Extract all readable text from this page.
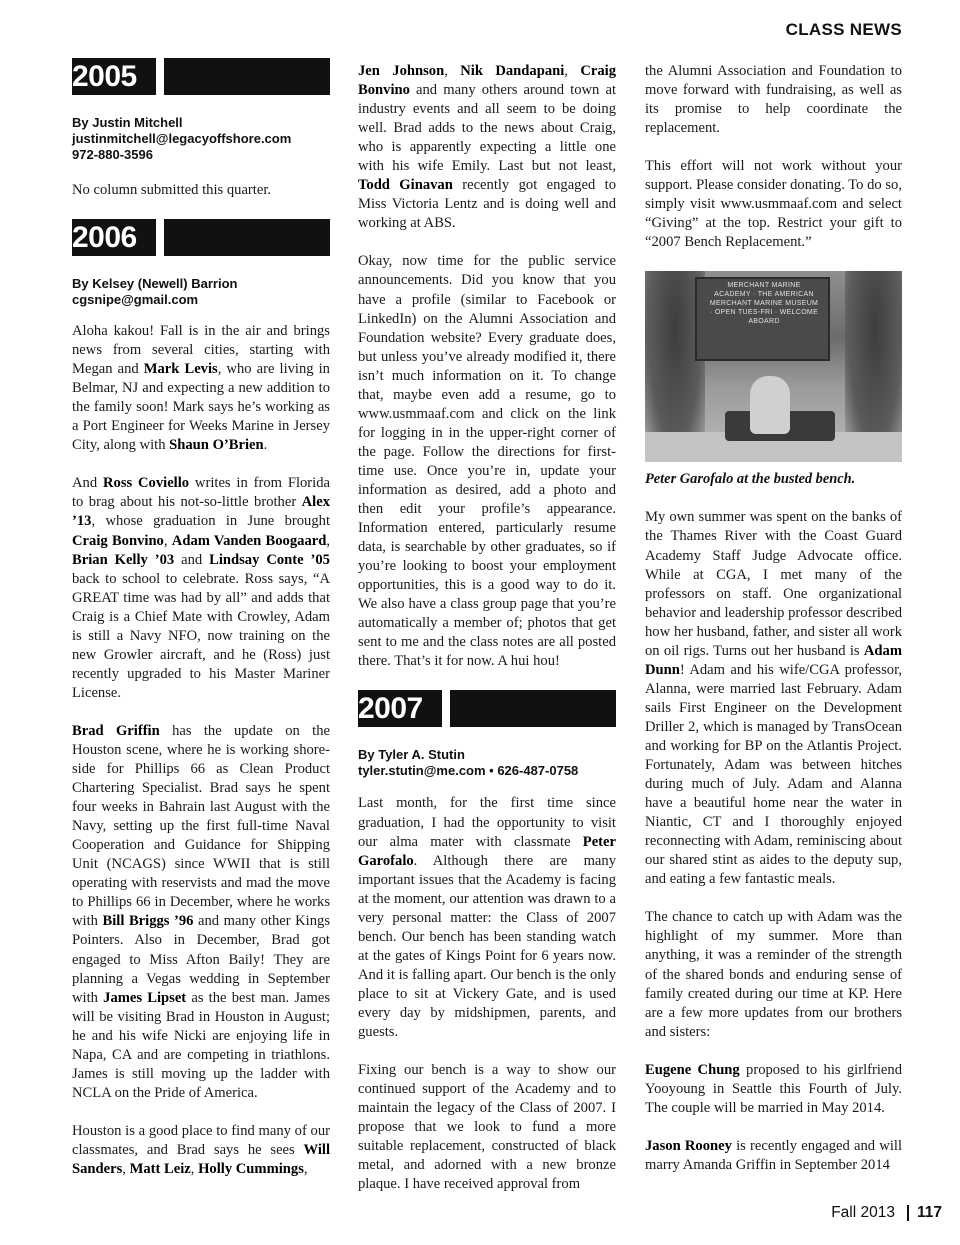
CLASS NEWS
2005
By Justin Mitchell
justinmitchell@legacyoffshore.com
972-880-3596

No column submitted this quarter.

2006
By Kelsey (Newell) Barrion
cgsnipe@gmail.com

Aloha kakou! Fall is in the air and brings news from several cities, starting with Megan and Mark Levis, who are living in Belmar, NJ and expecting a new addition to the family soon! Mark says he’s working as a Port Engineer for Weeks Marine in Jersey City, along with Shaun O’Brien.

And Ross Coviello writes in from Florida to brag about his not-so-little brother Alex ’13, whose graduation in June brought Craig Bonvino, Adam Vanden Boogaard, Brian Kelly ’03 and Lindsay Conte ’05 back to school to celebrate. Ross says, “A GREAT time was had by all” and adds that Craig is a Chief Mate with Crowley, Adam is still a Navy NFO, now training on the new Growler aircraft, and he (Ross) just recently upgraded to his Master Mariner License.

Brad Griffin has the update on the Houston scene, where he is working shore-side for Phillips 66 as Clean Product Chartering Specialist. Brad says he spent four weeks in Bahrain last August with the Navy, setting up the first full-time Naval Cooperation and Guidance for Shipping Unit (NCAGS) since WWII that is still operating with reservists and mad the move to Phillips 66 in December, where he works with Bill Briggs ’96 and many other Kings Pointers. Also in December, Brad got engaged to Miss Afton Baily! They are planning a Vegas wedding in September with James Lipset as the best man. James will be visiting Brad in Houston in August; he and his wife Nicki are enjoying life in Napa, CA and are competing in triathlons. James is still moving up the ladder with NCLA on the Pride of America.

Houston is a good place to find many of our classmates, and Brad says he sees Will Sanders, Matt Leiz, Holly Cummings,

Jen Johnson, Nik Dandapani, Craig Bonvino and many others around town at industry events and all seem to be doing well. Brad adds to the news about Craig, who is apparently expecting a little one with his wife Emily. Last but not least, Todd Ginavan recently got engaged to Miss Victoria Lentz and is doing well and working at ABS.

Okay, now time for the public service announcements. Did you know that you have a profile (similar to Facebook or LinkedIn) on the Alumni Association and Foundation website? Every graduate does, but unless you’ve already modified it, there isn’t much information on it. To change that, maybe even add a resume, go to www.usmmaaf.com and click on the link for logging in in the upper-right corner of the page. Follow the directions for first-time use. Once you’re in, update your information as desired, add a photo and then edit your profile’s appearance. Information entered, particularly resume data, is searchable by other graduates, so if you’re looking to boost your employment opportunities, this is a good way to do it. We also have a class group page that you’re automatically a member of; photos that get sent to me and the class notes are all posted there. That’s it for now. A hui hou!

2007
By Tyler A. Stutin
tyler.stutin@me.com • 626-487-0758

Last month, for the first time since graduation, I had the opportunity to visit our alma mater with classmate Peter Garofalo. Although there are many important issues that the Academy is facing at the moment, our attention was drawn to a very personal matter: the Class of 2007 bench. Our bench has been standing watch at the gates of Kings Point for 6 years now. And it is falling apart. Our bench is the only place to sit at Vickery Gate, and is used every day by midshipmen, parents, and guests.

Fixing our bench is a way to show our continued support of the Academy and to maintain the legacy of the Class of 2007. I propose that we look to fund a more suitable replacement, constructed of black metal, and adorned with a new bronze plaque. I have received approval from

the Alumni Association and Foundation to move forward with fundraising, as well as its promise to help coordinate the replacement.

This effort will not work without your support. Please consider donating. To do so, simply visit www.usmmaaf.com and select “Giving” at the top. Restrict your gift to “2007 Bench Replacement.”

MERCHANT MARINE ACADEMY · THE AMERICAN MERCHANT MARINE MUSEUM · OPEN TUES-FRI · WELCOME ABOARD
Peter Garofalo at the busted bench.

My own summer was spent on the banks of the Thames River with the Coast Guard Academy Staff Judge Advocate office. While at CGA, I met many of the professors on staff. One organizational behavior and leadership professor described how her husband, father, and sister all work on oil rigs. Turns out her husband is Adam Dunn! Adam and his wife/CGA professor, Alanna, were married last February. Adam sails First Engineer on the Development Driller 2, which is managed by TransOcean and working for BP on the Atlantis Project. Fortunately, Adam was between hitches during much of July. Adam and Alanna have a beautiful home near the water in Niantic, CT and I thoroughly enjoyed reconnecting with Adam, reminiscing about our shared stint as aides to the deputy sup, and eating a few fantastic meals.

The chance to catch up with Adam was the highlight of my summer. More than anything, it was a reminder of the strength of the shared bonds and enduring sense of family created during our time at KP. Here are a few more updates from our brothers and sisters:

Eugene Chung proposed to his girlfriend Yooyoung in Seattle this Fourth of July. The couple will be married in May 2014.

Jason Rooney is recently engaged and will marry Amanda Griffin in September 2014

Fall 2013 117
